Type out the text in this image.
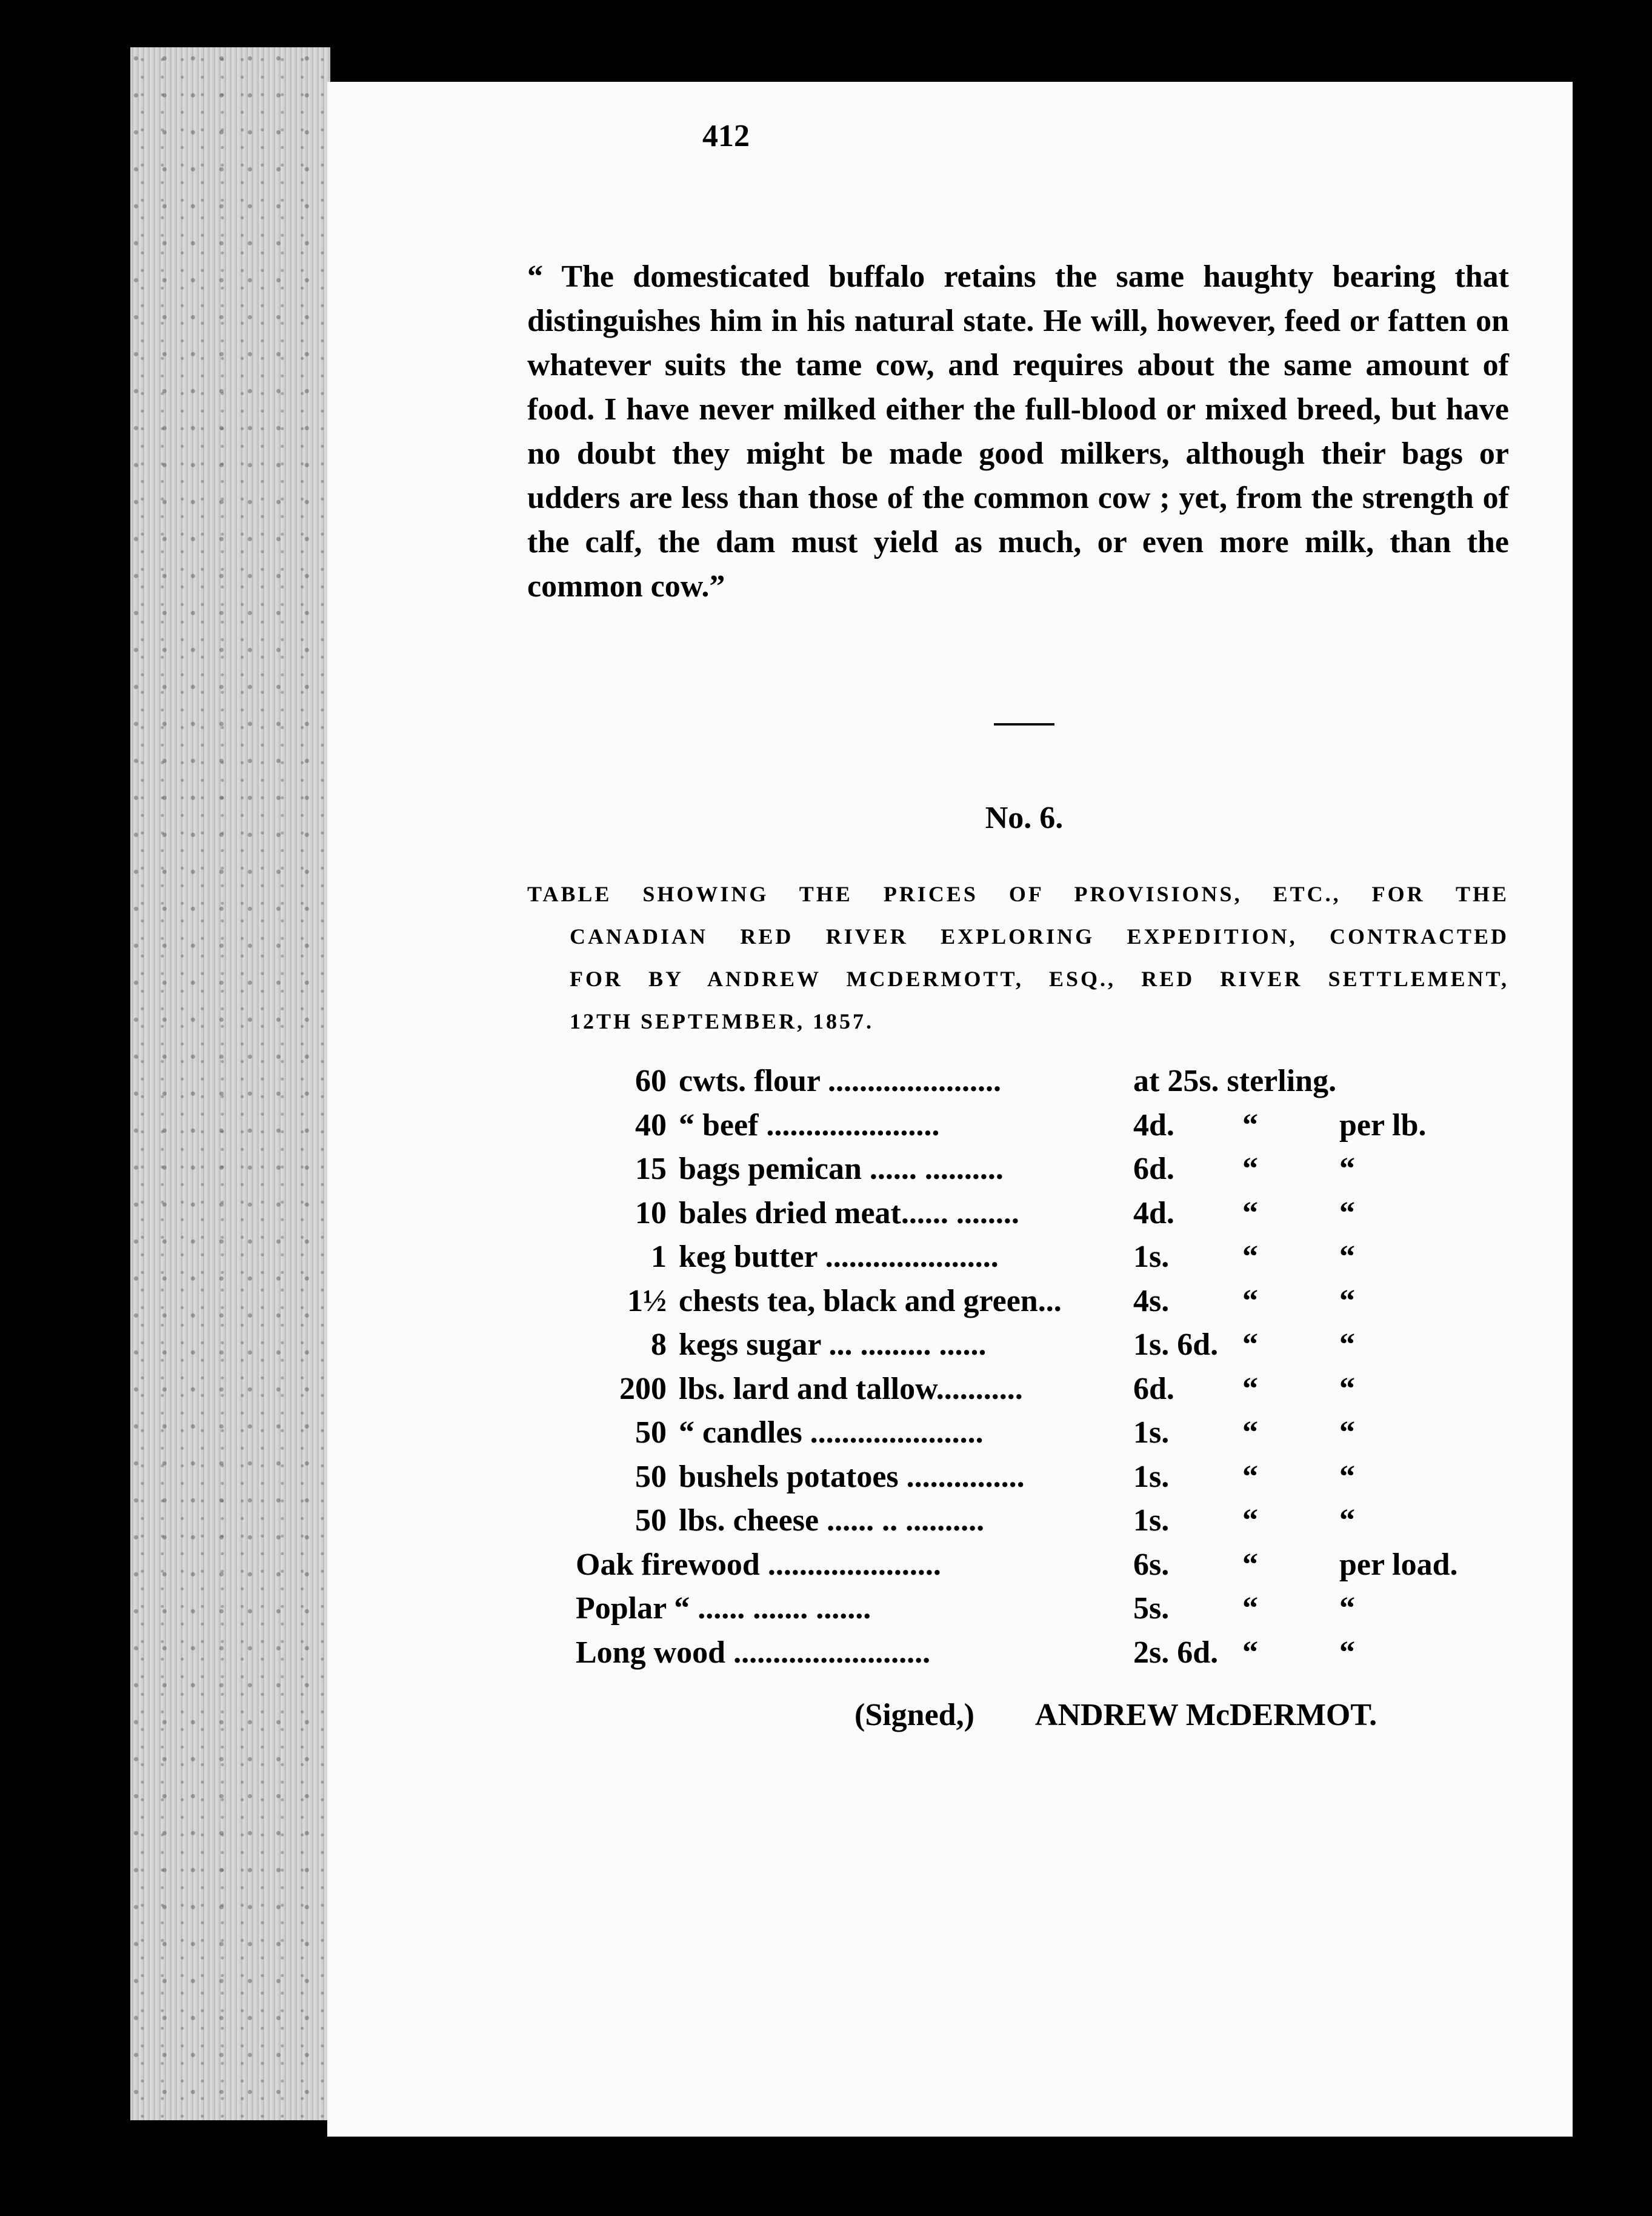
412

“ The domesticated buffalo retains the same haughty bearing that distinguishes him in his natural state. He will, however, feed or fatten on whatever suits the tame cow, and requires about the same amount of food. I have never milked either the full-blood or mixed breed, but have no doubt they might be made good milkers, although their bags or udders are less than those of the common cow ; yet, from the strength of the calf, the dam must yield as much, or even more milk, than the common cow.”

No. 6.
TABLE SHOWING THE PRICES OF PROVISIONS, ETC., FOR THE
CANADIAN RED RIVER EXPLORING EXPEDITION, CONTRACTED
FOR BY ANDREW MCDERMOTT, ESQ., RED RIVER SETTLEMENT,
12TH SEPTEMBER, 1857.
60 cwts. flour ......................	at 25s. sterling.
40 “ beef ......................	4d. “	per lb.
15 bags pemican ...... ..........	6d. “	“
10 bales dried meat...... ........	4d. “	“
1 keg butter ......................	1s. “	“
1½ chests tea, black and green... 4s. “	“
8 kegs sugar ... ......... ......	1s. 6d. “	“
200 lbs. lard and tallow...........	6d. “	“
50 “ candles ......................	1s. “	“
50 bushels potatoes ...............	1s. “	“
50 lbs. cheese ...... .. ..........	1s. “	“
Oak firewood ......................	6s. “	per load.
Poplar “ ...... ....... .......	5s. “	“
Long wood .........................	2s. 6d. “	“
(Signed,) ANDREW McDERMOT.
